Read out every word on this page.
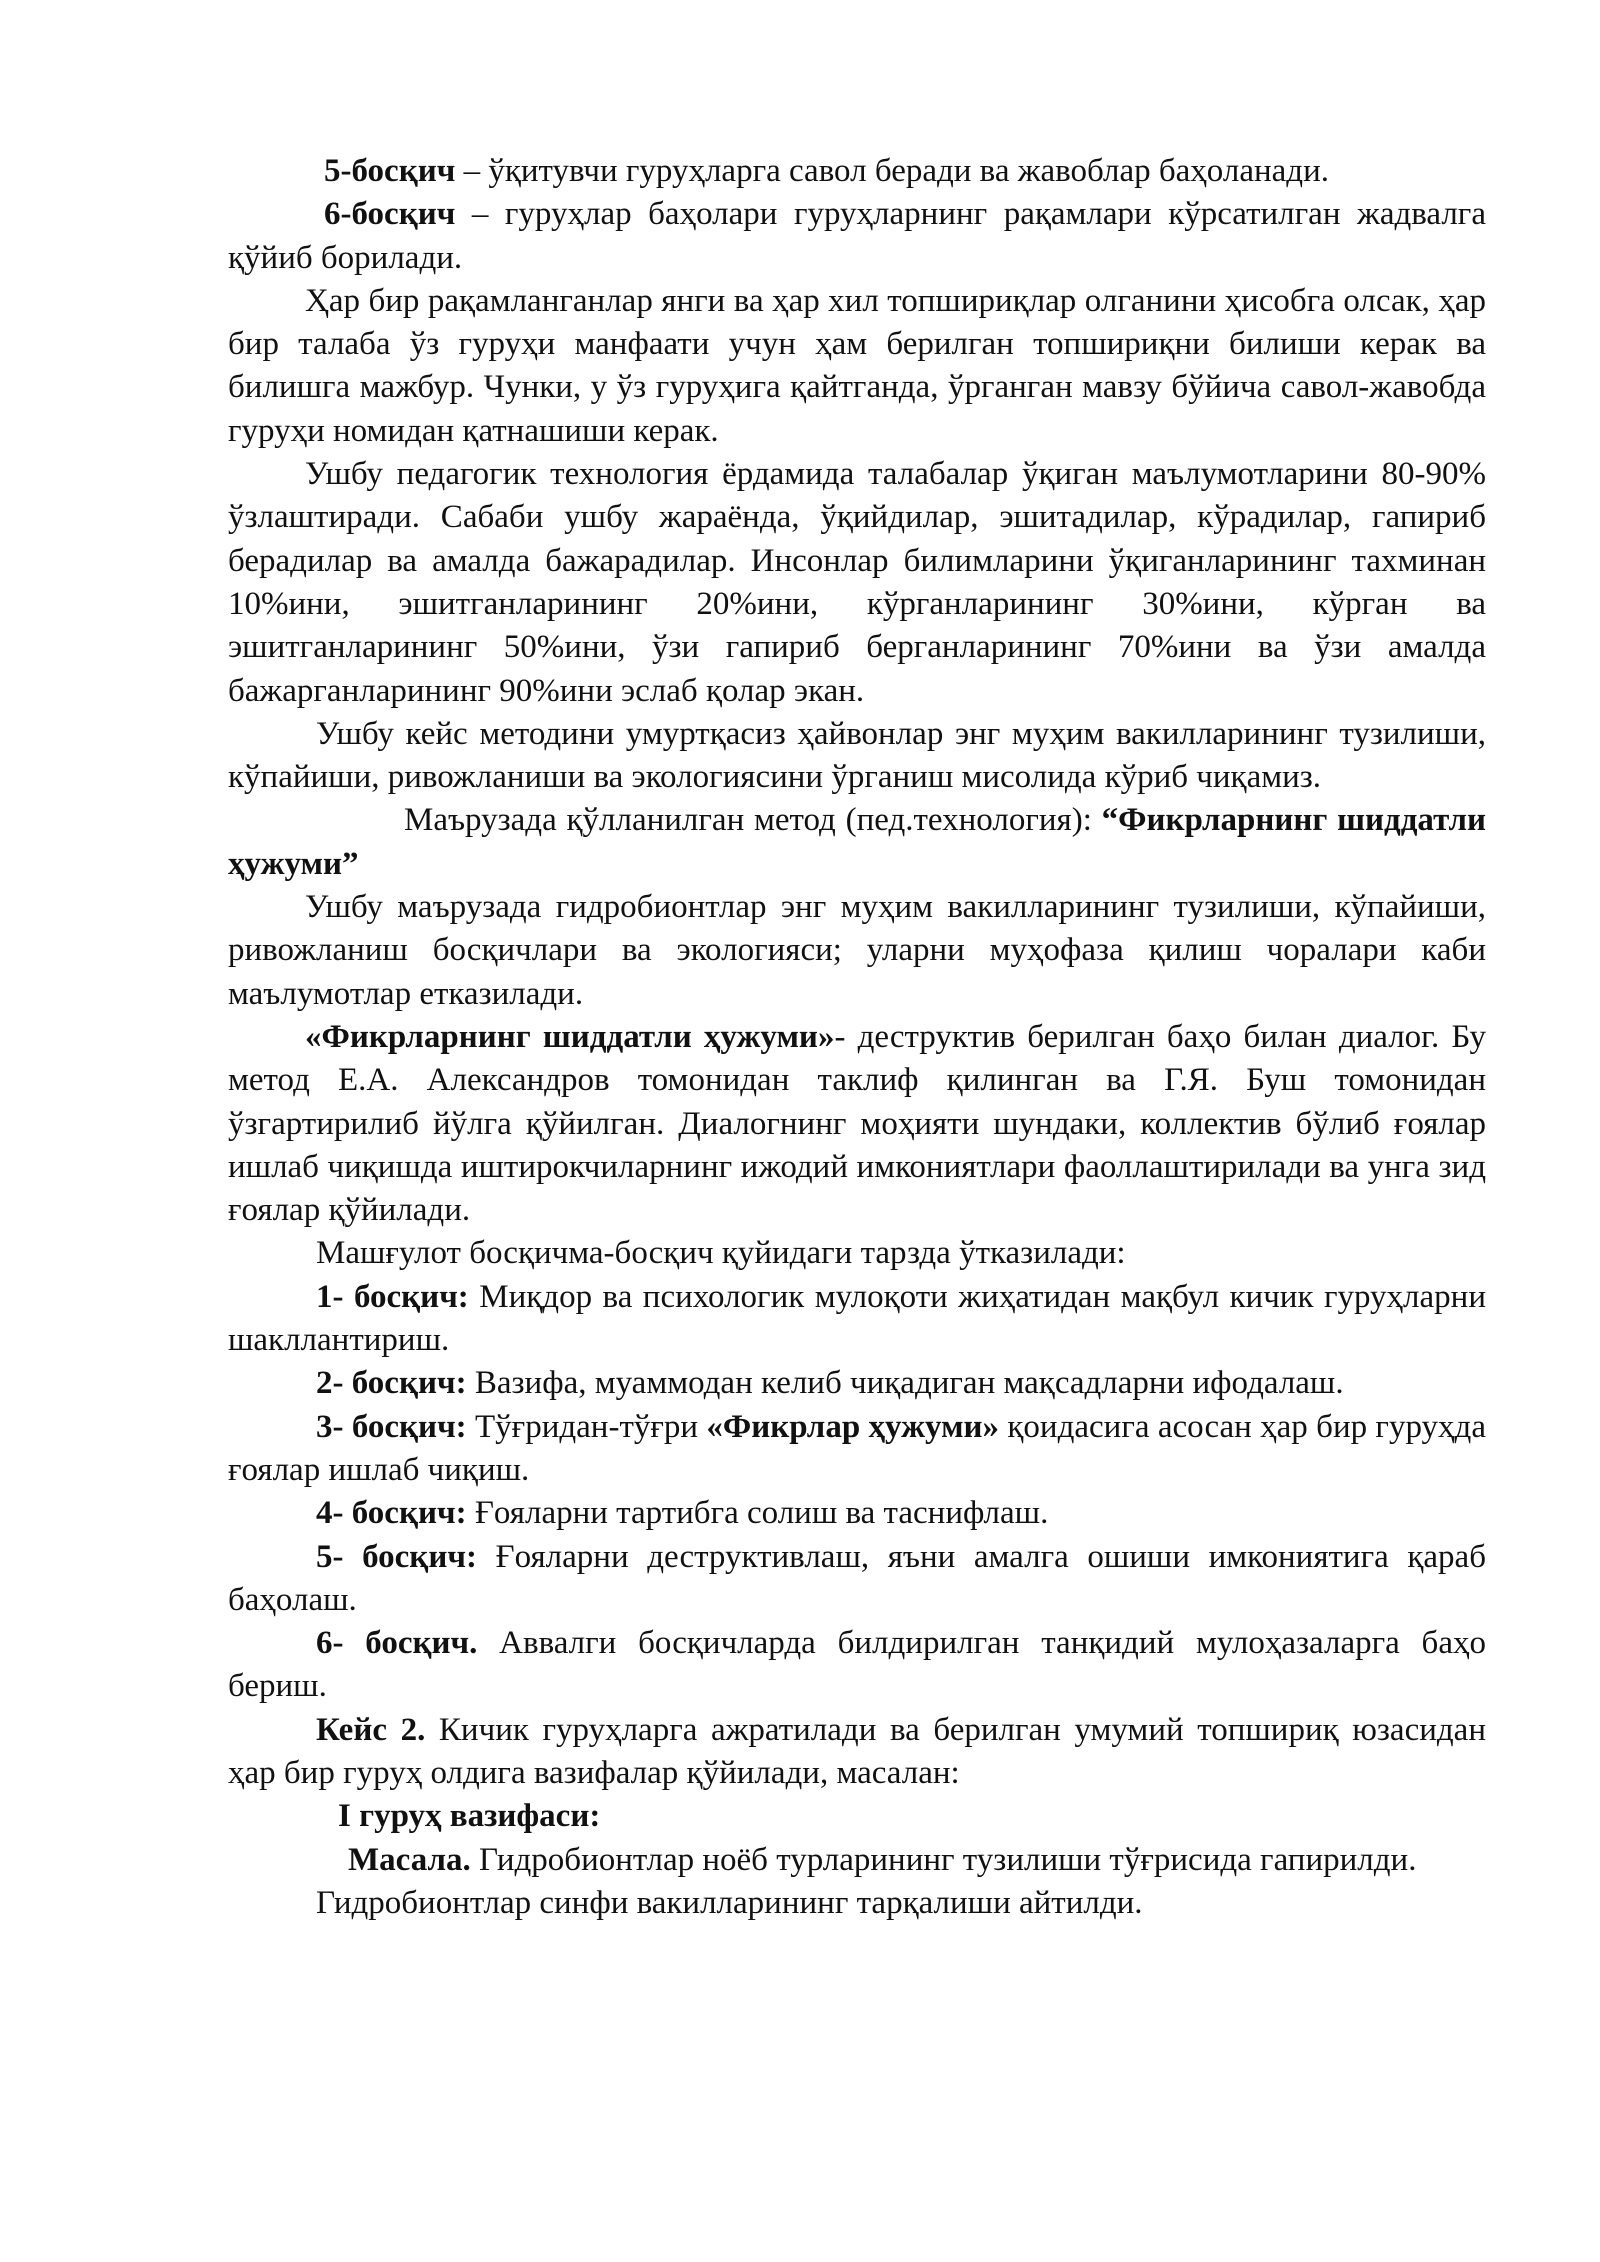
5-босқич – ўқитувчи гуруҳларга савол беради ва жавоблар баҳоланади.

6-босқич – гуруҳлар баҳолари гуруҳларнинг рақамлари кўрсатилган жадвалга қўйиб борилади.

Ҳар бир рақамланганлар янги ва ҳар хил топшириқлар олганини ҳисобга олсак, ҳар бир талаба ўз гуруҳи манфаати учун ҳам берилган топшириқни билиши керак ва билишга мажбур. Чунки, у ўз гуруҳига қайтганда, ўрганган мавзу бўйича савол-жавобда гуруҳи номидан қатнашиши керак.

Ушбу педагогик технология ёрдамида талабалар ўқиган маълумотларини 80-90% ўзлаштиради. Сабаби ушбу жараёнда, ўқийдилар, эшитадилар, кўрадилар, гапириб берадилар ва амалда бажарадилар. Инсонлар билимларини ўқиганларининг тахминан 10%ини, эшитганларининг 20%ини, кўрганларининг 30%ини, кўрган ва эшитганларининг 50%ини, ўзи гапириб берганларининг 70%ини ва ўзи амалда бажарганларининг 90%ини эслаб қолар экан.

Ушбу кейс методини умуртқасиз ҳайвонлар энг муҳим вакилларининг тузилиши, кўпайиши, ривожланиши ва экологиясини ўрганиш мисолида кўриб чиқамиз.

Маърузада қўлланилган метод (пед.технология): “Фикрларнинг шиддатли ҳужуми”

Ушбу маърузада гидробионтлар энг муҳим вакилларининг тузилиши, кўпайиши, ривожланиш босқичлари ва экологияси; уларни муҳофаза қилиш чоралари каби маълумотлар етказилади.

«Фикрларнинг шиддатли ҳужуми»- деструктив берилган баҳо билан диалог. Бу метод Е.А. Александров томонидан таклиф қилинган ва Г.Я. Буш томонидан ўзгартирилиб йўлга қўйилган. Диалогнинг моҳияти шундаки, коллектив бўлиб ғоялар ишлаб чиқишда иштирокчиларнинг ижодий имкониятлари фаоллаштирилади ва унга зид ғоялар қўйилади.

Машғулот босқичма-босқич қуйидаги тарзда ўтказилади:

1- босқич: Миқдор ва психологик мулоқоти жиҳатидан мақбул кичик гуруҳларни шакллантириш.

2- босқич: Вазифа, муаммодан келиб чиқадиган мақсадларни ифодалаш.

3- босқич: Тўғридан-тўғри «Фикрлар ҳужуми» қоидасига асосан ҳар бир гуруҳда ғоялар ишлаб чиқиш.

4- босқич: Ғояларни тартибга солиш ва таснифлаш.

5- босқич: Ғояларни деструктивлаш, яъни амалга ошиши имкониятига қараб баҳолаш.

6- босқич. Аввалги босқичларда билдирилган танқидий мулоҳазаларга баҳо бериш.

Кейс 2. Кичик гуруҳларга ажратилади ва берилган умумий топшириқ юзасидан ҳар бир гуруҳ олдига вазифалар қўйилади, масалан:

I гуруҳ вазифаси:

Масала. Гидробионтлар ноёб турларининг тузилиши тўғрисида гапирилди.

Гидробионтлар синфи вакилларининг тарқалиши айтилди.
